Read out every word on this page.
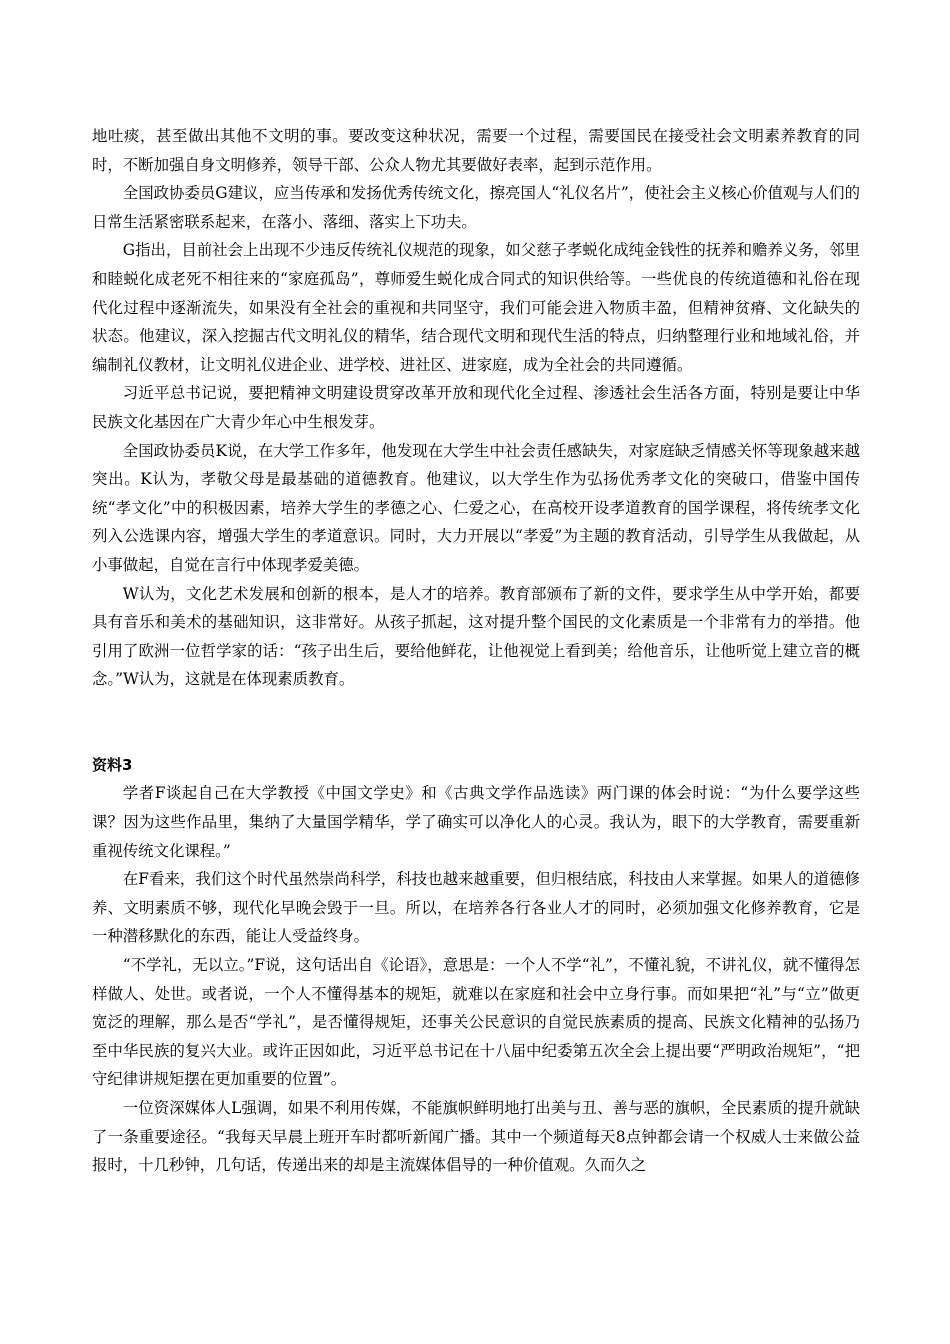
地吐痰，甚至做出其他不文明的事。要改变这种状况，需要一个过程，需要国民在接受社会文明素养教育的同时，不断加强自身文明修养，领导干部、公众人物尤其要做好表率，起到示范作用。

全国政协委员G建议，应当传承和发扬优秀传统文化，擦亮国人“礼仪名片”，使社会主义核心价值观与人们的日常生活紧密联系起来，在落小、落细、落实上下功夫。

G指出，目前社会上出现不少违反传统礼仪规范的现象，如父慈子孝蜕化成纯金钱性的抚养和赡养义务，邻里和睦蜕化成老死不相往来的“家庭孤岛”，尊师爱生蜕化成合同式的知识供给等。一些优良的传统道德和礼俗在现代化过程中逐渐流失，如果没有全社会的重视和共同坚守，我们可能会进入物质丰盈，但精神贫瘠、文化缺失的状态。他建议，深入挖掘古代文明礼仪的精华，结合现代文明和现代生活的特点，归纳整理行业和地域礼俗，并编制礼仪教材，让文明礼仪进企业、进学校、进社区、进家庭，成为全社会的共同遵循。

习近平总书记说，要把精神文明建设贯穿改革开放和现代化全过程、渗透社会生活各方面，特别是要让中华民族文化基因在广大青少年心中生根发芽。

全国政协委员K说，在大学工作多年，他发现在大学生中社会责任感缺失，对家庭缺乏情感关怀等现象越来越突出。K认为，孝敬父母是最基础的道德教育。他建议，以大学生作为弘扬优秀孝文化的突破口，借鉴中国传统“孝文化”中的积极因素，培养大学生的孝德之心、仁爱之心，在高校开设孝道教育的国学课程，将传统孝文化列入公选课内容，增强大学生的孝道意识。同时，大力开展以“孝爱”为主题的教育活动，引导学生从我做起，从小事做起，自觉在言行中体现孝爱美德。

W认为，文化艺术发展和创新的根本，是人才的培养。教育部颁布了新的文件，要求学生从中学开始，都要具有音乐和美术的基础知识，这非常好。从孩子抓起，这对提升整个国民的文化素质是一个非常有力的举措。他引用了欧洲一位哲学家的话：“孩子出生后，要给他鲜花，让他视觉上看到美；给他音乐，让他听觉上建立音的概念。”W认为，这就是在体现素质教育。

资料3

学者F谈起自己在大学教授《中国文学史》和《古典文学作品选读》两门课的体会时说：“为什么要学这些课？因为这些作品里，集纳了大量国学精华，学了确实可以净化人的心灵。我认为，眼下的大学教育，需要重新重视传统文化课程。”

在F看来，我们这个时代虽然崇尚科学，科技也越来越重要，但归根结底，科技由人来掌握。如果人的道德修养、文明素质不够，现代化早晚会毁于一旦。所以，在培养各行各业人才的同时，必须加强文化修养教育，它是一种潜移默化的东西，能让人受益终身。

“不学礼，无以立。”F说，这句话出自《论语》，意思是：一个人不学“礼”，不懂礼貌，不讲礼仪，就不懂得怎样做人、处世。或者说，一个人不懂得基本的规矩，就难以在家庭和社会中立身行事。而如果把“礼”与“立”做更宽泛的理解，那么是否“学礼”，是否懂得规矩，还事关公民意识的自觉民族素质的提高、民族文化精神的弘扬乃至中华民族的复兴大业。或许正因如此，习近平总书记在十八届中纪委第五次全会上提出要“严明政治规矩”，“把守纪律讲规矩摆在更加重要的位置”。

一位资深媒体人L强调，如果不利用传媒，不能旗帜鲜明地打出美与丑、善与恶的旗帜，全民素质的提升就缺了一条重要途径。“我每天早晨上班开车时都听新闻广播。其中一个频道每天8点钟都会请一个权威人士来做公益报时，十几秒钟，几句话，传递出来的却是主流媒体倡导的一种价值观。久而久之
